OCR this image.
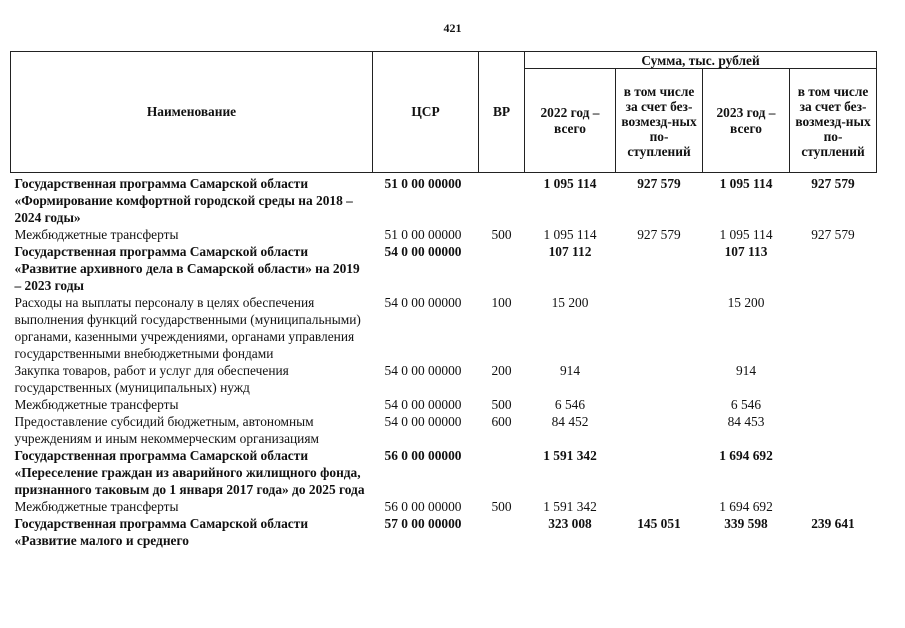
421
Наименование	ЦСР	ВР	Сумма, тыс. рублей			
			2022 год – всего	в том числе за счет без-возмезд-ных по-ступлений	2023 год – всего	в том числе за счет без-возмезд-ных по-ступлений
Государственная программа Самарской области «Формирование комфортной городской среды на 2018 – 2024 годы»	51 0 00 00000		1 095 114	927 579	1 095 114	927 579
Межбюджетные трансферты	51 0 00 00000	500	1 095 114	927 579	1 095 114	927 579
Государственная программа Самарской области «Развитие архивного дела в Самарской области» на 2019 – 2023 годы	54 0 00 00000		107 112		107 113	
Расходы на выплаты персоналу в целях обеспечения выполнения функций государственными (муниципальными) органами, казенными учреждениями, органами управления государственными внебюджетными фондами	54 0 00 00000	100	15 200		15 200	
Закупка товаров, работ и услуг для обеспечения государственных (муниципальных) нужд	54 0 00 00000	200	914		914	
Межбюджетные трансферты	54 0 00 00000	500	6 546		6 546	
Предоставление субсидий бюджетным, автономным учреждениям и иным некоммерческим организациям	54 0 00 00000	600	84 452		84 453	
Государственная программа Самарской области «Переселение граждан из аварийного жилищного фонда, признанного таковым до 1 января 2017 года» до 2025 года	56 0 00 00000		1 591 342		1 694 692	
Межбюджетные трансферты	56 0 00 00000	500	1 591 342		1 694 692	
Государственная программа Самарской области «Развитие малого и среднего	57 0 00 00000		323 008	145 051	339 598	239 641
